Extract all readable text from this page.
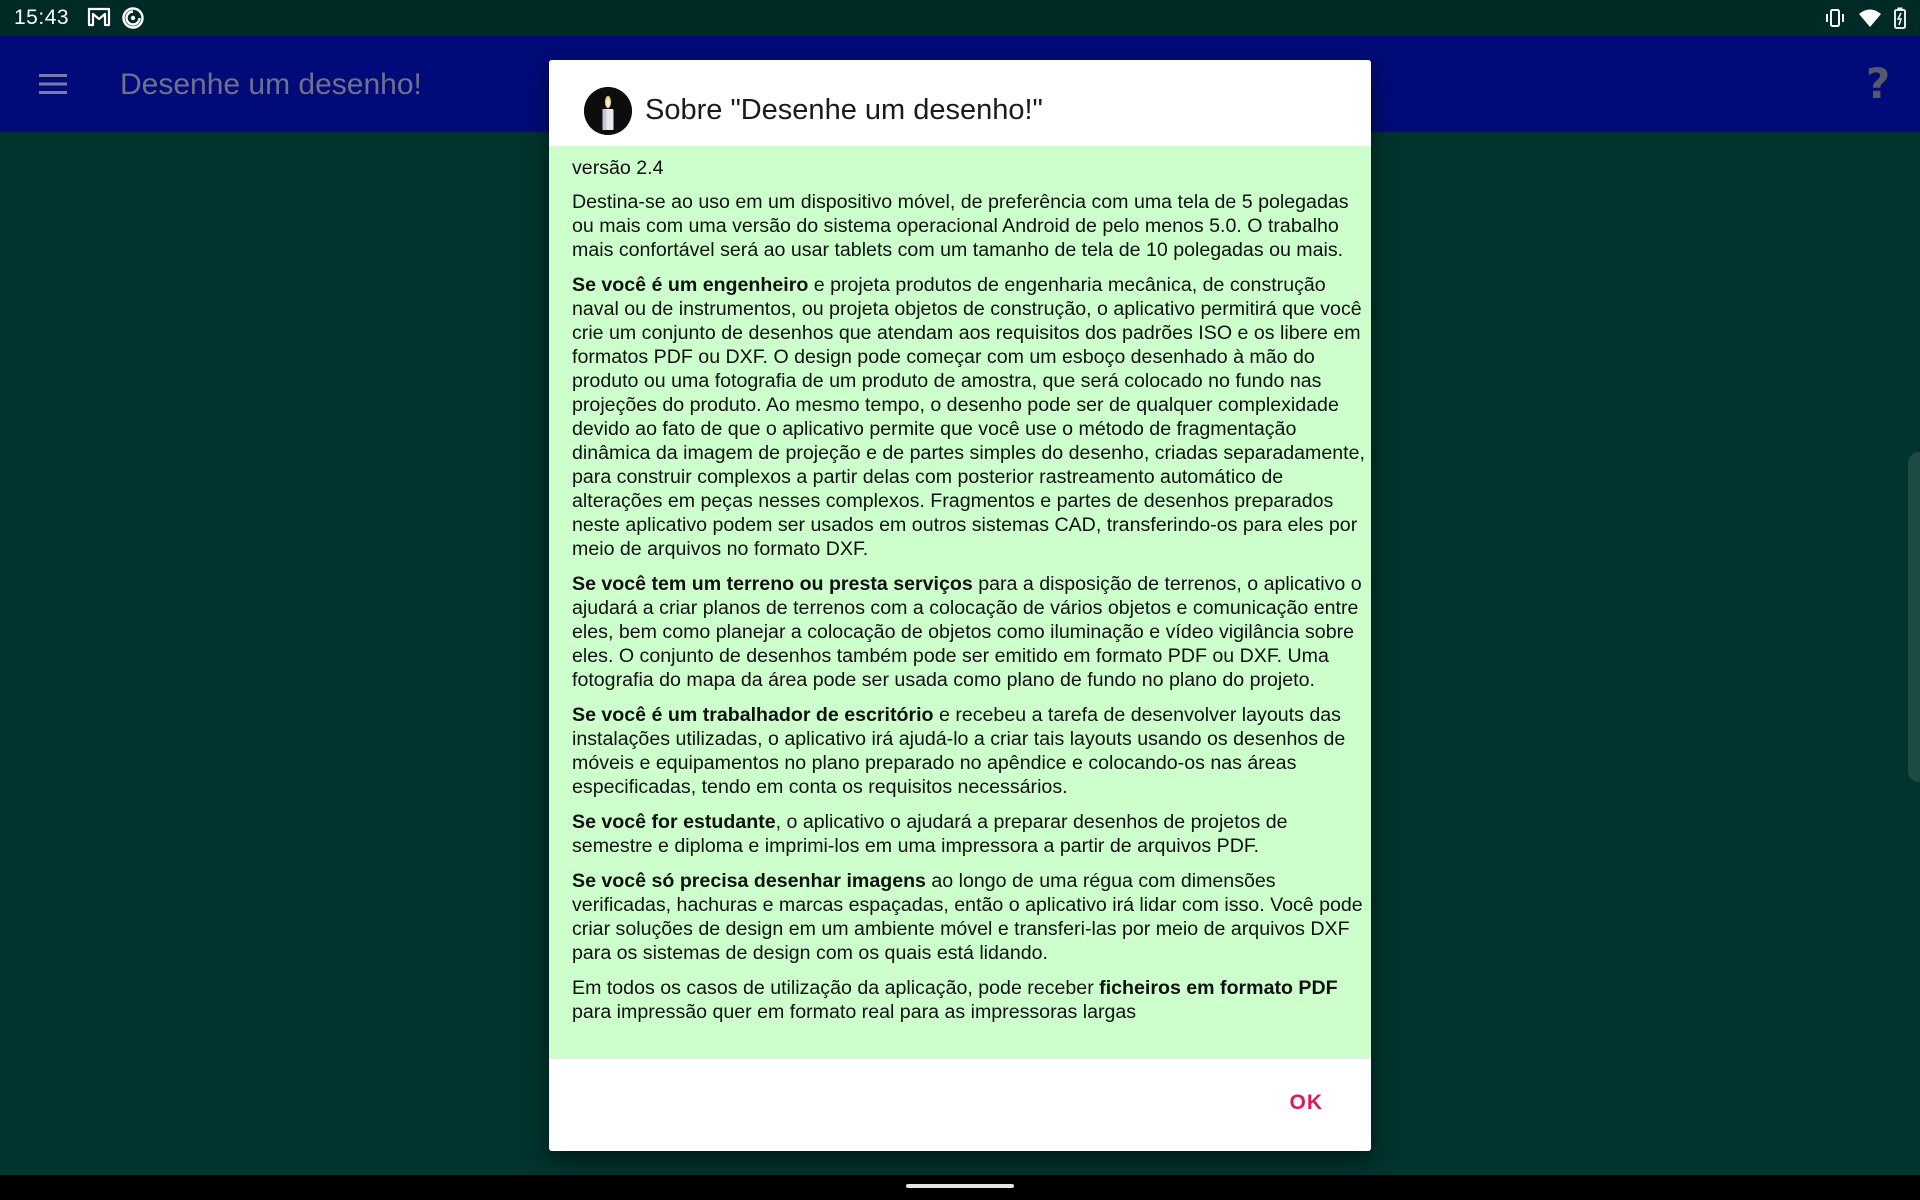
15:43
Desenhe um desenho!	?
Sobre "Desenhe um desenho!"

versão 2.4

Destina-se ao uso em um dispositivo móvel, de preferência com uma tela de 5 polegadas ou mais com uma versão do sistema operacional Android de pelo menos 5.0. O trabalho mais confortável será ao usar tablets com um tamanho de tela de 10 polegadas ou mais.

Se você é um engenheiro e projeta produtos de engenharia mecânica, de construção naval ou de instrumentos, ou projeta objetos de construção, o aplicativo permitirá que você crie um conjunto de desenhos que atendam aos requisitos dos padrões ISO e os libere em formatos PDF ou DXF. O design pode começar com um esboço desenhado à mão do produto ou uma fotografia de um produto de amostra, que será colocado no fundo nas projeções do produto. Ao mesmo tempo, o desenho pode ser de qualquer complexidade devido ao fato de que o aplicativo permite que você use o método de fragmentação dinâmica da imagem de projeção e de partes simples do desenho, criadas separadamente, para construir complexos a partir delas com posterior rastreamento automático de alterações em peças nesses complexos. Fragmentos e partes de desenhos preparados neste aplicativo podem ser usados em outros sistemas CAD, transferindo-os para eles por meio de arquivos no formato DXF.

Se você tem um terreno ou presta serviços para a disposição de terrenos, o aplicativo o ajudará a criar planos de terrenos com a colocação de vários objetos e comunicação entre eles, bem como planejar a colocação de objetos como iluminação e vídeo vigilância sobre eles. O conjunto de desenhos também pode ser emitido em formato PDF ou DXF. Uma fotografia do mapa da área pode ser usada como plano de fundo no plano do projeto.

Se você é um trabalhador de escritório e recebeu a tarefa de desenvolver layouts das instalações utilizadas, o aplicativo irá ajudá-lo a criar tais layouts usando os desenhos de móveis e equipamentos no plano preparado no apêndice e colocando-os nas áreas especificadas, tendo em conta os requisitos necessários.

Se você for estudante, o aplicativo o ajudará a preparar desenhos de projetos de semestre e diploma e imprimi-los em uma impressora a partir de arquivos PDF.

Se você só precisa desenhar imagens ao longo de uma régua com dimensões verificadas, hachuras e marcas espaçadas, então o aplicativo irá lidar com isso. Você pode criar soluções de design em um ambiente móvel e transferi-las por meio de arquivos DXF para os sistemas de design com os quais está lidando.

Em todos os casos de utilização da aplicação, pode receber ficheiros em formato PDF para impressão quer em formato real para as impressoras largas

OK
